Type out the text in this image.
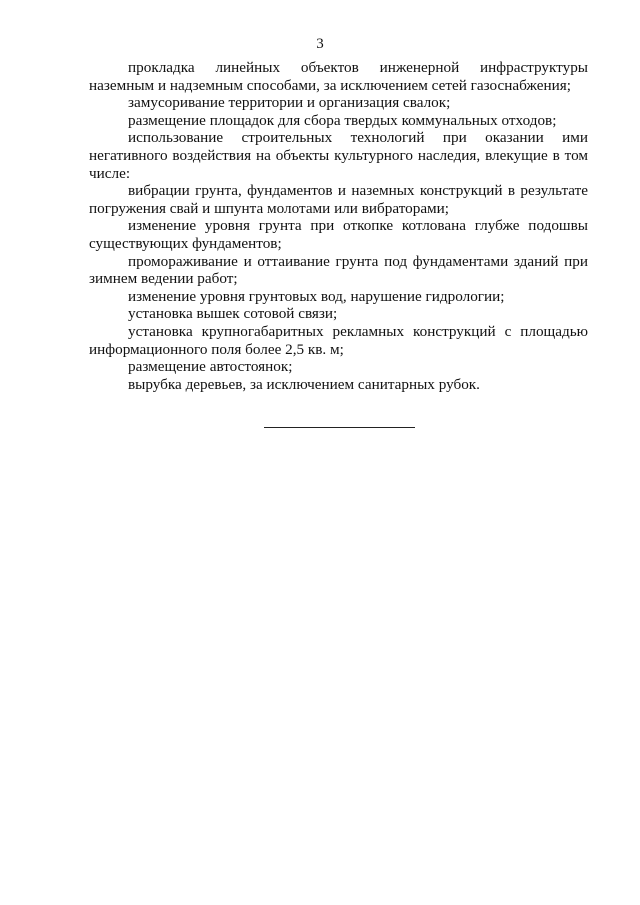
3

прокладка линейных объектов инженерной инфраструктуры наземным и надземным способами, за исключением сетей газоснабжения;

замусоривание территории и организация свалок;

размещение площадок для сбора твердых коммунальных отходов;

использование строительных технологий при оказании ими негативного воздействия на объекты культурного наследия, влекущие в том числе:

вибрации грунта, фундаментов и наземных конструкций в результате погружения свай и шпунта молотами или вибраторами;

изменение уровня грунта при откопке котлована глубже подошвы существующих фундаментов;

промораживание и оттаивание грунта под фундаментами зданий при зимнем ведении работ;

изменение уровня грунтовых вод, нарушение гидрологии;

установка вышек сотовой связи;

установка крупногабаритных рекламных конструкций с площадью информационного поля более 2,5 кв. м;

размещение автостоянок;

вырубка деревьев, за исключением санитарных рубок.
